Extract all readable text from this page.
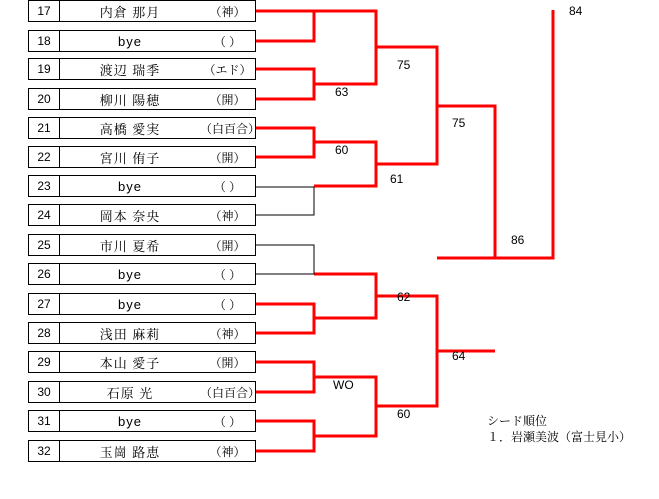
17	内倉 那月	（神）
18	bye	（ ）
19	渡辺 瑞季	（エド）
20	柳川 陽穂	（開）
21	高橋 愛実	（白百合）
22	宮川 侑子	（開）
23	bye	（ ）
24	岡本 奈央	（神）
25	市川 夏希	（開）
26	bye	（ ）
27	bye	（ ）
28	浅田 麻莉	（神）
29	本山 愛子	（開）
30	石原 光	（白百合）
31	bye	（ ）
32	玉崗 路恵	（神）
63
75
60
61
75
84
86
62
WO
60
64
シード順位
１．岩瀬美波（富士見小）
